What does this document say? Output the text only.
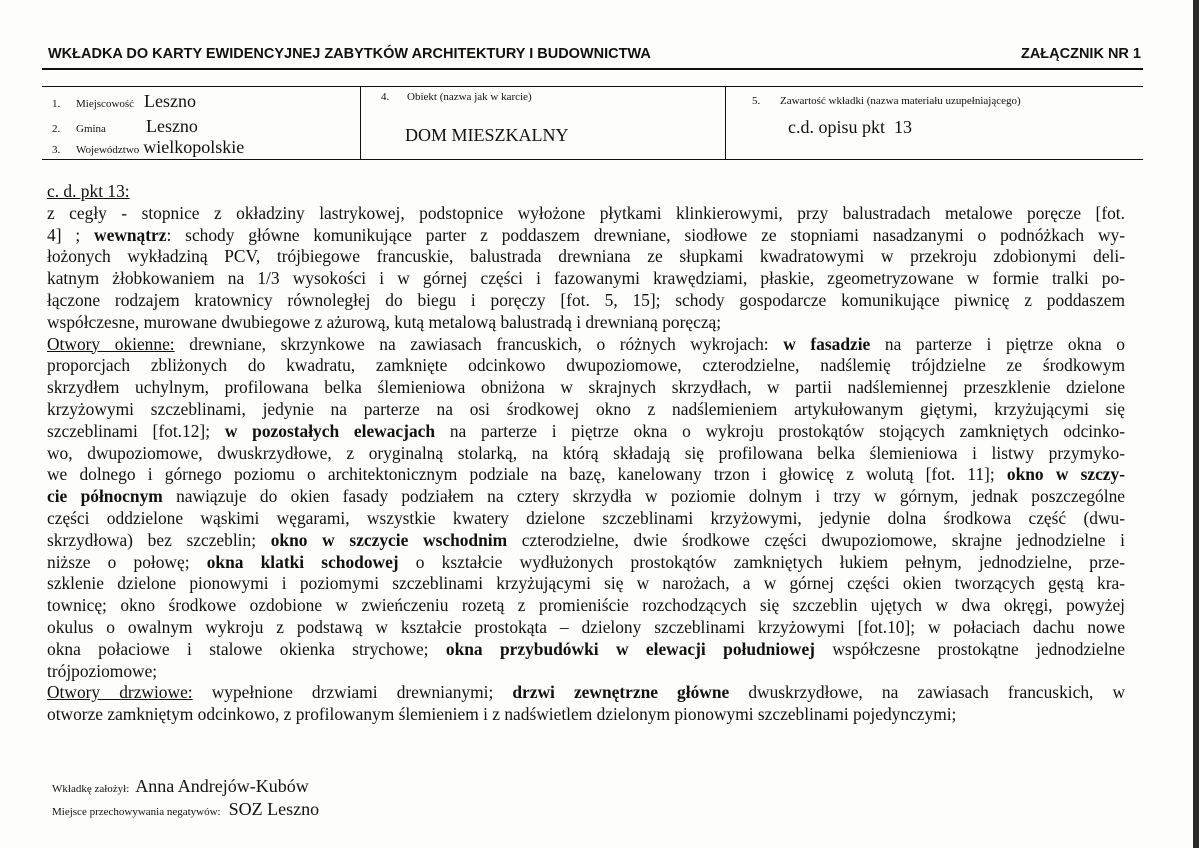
WKŁADKA DO KARTY EWIDENCYJNEJ ZABYTKÓW ARCHITEKTURY I BUDOWNICTWA	ZAŁĄCZNIK NR 1
1.	Miejscowość Leszno
2.	Gmina Leszno
3.	Województwo wielkopolskie
4. Obiekt (nazwa jak w karcie)
DOM MIESZKALNY
5. Zawartość wkładki (nazwa materiału uzupełniającego)
c.d. opisu pkt  13
c. d. pkt 13:
z cegły - stopnice z okładziny lastrykowej, podstopnice wyłożone płytkami klinkierowymi, przy balustradach metalowe poręcze [fot.
4] ; wewnątrz: schody główne komunikujące parter z poddaszem drewniane, siodłowe ze stopniami nasadzanymi o podnóżkach wy-
łożonych wykładziną PCV, trójbiegowe francuskie, balustrada drewniana ze słupkami kwadratowymi w przekroju zdobionymi deli-
katnym żłobkowaniem na 1/3 wysokości i w górnej części i fazowanymi krawędziami, płaskie, zgeometryzowane w formie tralki po-
łączone rodzajem kratownicy równoległej do biegu i poręczy [fot. 5, 15]; schody gospodarcze komunikujące piwnicę z poddaszem
współczesne, murowane dwubiegowe z ażurową, kutą metalową balustradą i drewnianą poręczą;
Otwory okienne: drewniane, skrzynkowe na zawiasach francuskich, o różnych wykrojach: w fasadzie na parterze i piętrze okna o
proporcjach zbliżonych do kwadratu, zamknięte odcinkowo dwupoziomowe, czterodzielne, nadślemię trójdzielne ze środkowym
skrzydłem uchylnym, profilowana belka ślemieniowa obniżona w skrajnych skrzydłach, w partii nadślemiennej przeszklenie dzielone
krzyżowymi szczeblinami, jedynie na parterze na osi środkowej okno z nadślemieniem artykułowanym giętymi, krzyżującymi się
szczeblinami [fot.12]; w pozostałych elewacjach na parterze i piętrze okna o wykroju prostokątów stojących zamkniętych odcinko-
wo, dwupoziomowe, dwuskrzydłowe, z oryginalną stolarką, na którą składają się profilowana belka ślemieniowa i listwy przymyko-
we dolnego i górnego poziomu o architektonicznym podziale na bazę, kanelowany trzon i głowicę z wolutą [fot. 11]; okno w szczy-
cie północnym nawiązuje do okien fasady podziałem na cztery skrzydła w poziomie dolnym i trzy w górnym, jednak poszczególne
części oddzielone wąskimi węgarami, wszystkie kwatery dzielone szczeblinami krzyżowymi, jedynie dolna środkowa część (dwu-
skrzydłowa) bez szczeblin; okno w szczycie wschodnim czterodzielne, dwie środkowe części dwupoziomowe, skrajne jednodzielne i
niższe o połowę; okna klatki schodowej o kształcie wydłużonych prostokątów zamkniętych łukiem pełnym, jednodzielne, prze-
szklenie dzielone pionowymi i poziomymi szczeblinami krzyżującymi się w narożach, a w górnej części okien tworzących gęstą kra-
townicę; okno środkowe ozdobione w zwieńczeniu rozetą z promieniście rozchodzących się szczeblin ujętych w dwa okręgi, powyżej
okulus o owalnym wykroju z podstawą w kształcie prostokąta – dzielony szczeblinami krzyżowymi [fot.10]; w połaciach dachu nowe
okna połaciowe i stalowe okienka strychowe; okna przybudówki w elewacji południowej współczesne prostokątne jednodzielne
trójpoziomowe;
Otwory drzwiowe: wypełnione drzwiami drewnianymi; drzwi zewnętrzne główne dwuskrzydłowe, na zawiasach francuskich, w
otworze zamkniętym odcinkowo, z profilowanym ślemieniem i z nadświetlem dzielonym pionowymi szczeblinami pojedynczymi;
Wkładkę założył: Anna Andrejów-Kubów
Miejsce przechowywania negatywów: SOZ Leszno
